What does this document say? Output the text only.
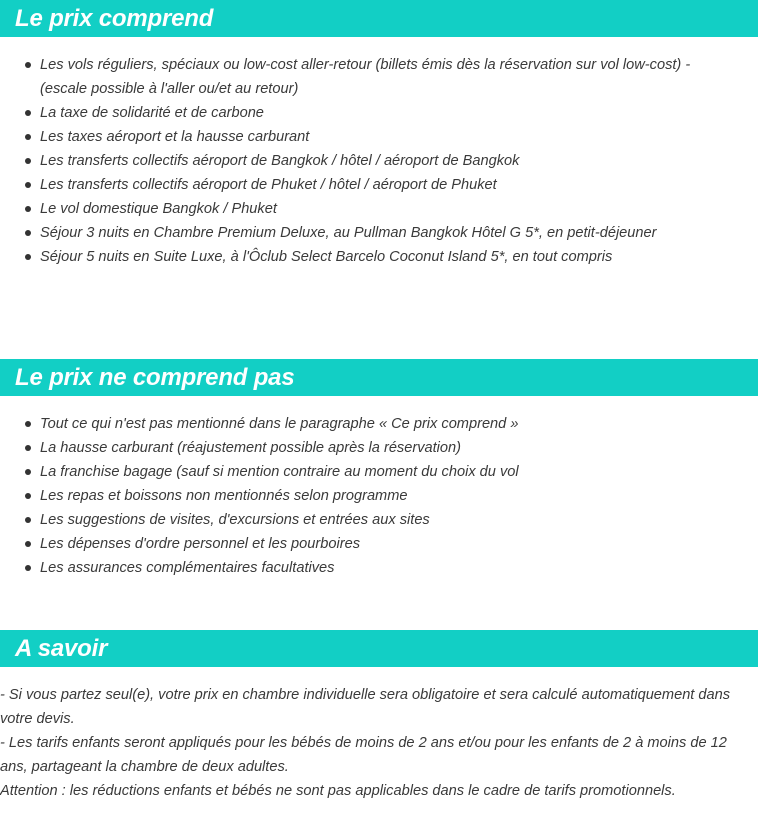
Le prix comprend
Les vols réguliers, spéciaux ou low-cost aller-retour (billets émis dès la réservation sur vol low-cost) - (escale possible à l'aller ou/et au retour)
La taxe de solidarité et de carbone
Les taxes aéroport et la hausse carburant
Les transferts collectifs aéroport de Bangkok / hôtel / aéroport de Bangkok
Les transferts collectifs aéroport de Phuket / hôtel / aéroport de Phuket
Le vol domestique Bangkok / Phuket
Séjour 3 nuits en Chambre Premium Deluxe, au Pullman Bangkok Hôtel G 5*, en petit-déjeuner
Séjour 5 nuits en Suite Luxe, à l'Ôclub Select Barcelo Coconut Island 5*, en tout compris
Le prix ne comprend pas
Tout ce qui n'est pas mentionné dans le paragraphe « Ce prix comprend »
La hausse carburant (réajustement possible après la réservation)
La franchise bagage (sauf si mention contraire au moment du choix du vol
Les repas et boissons non mentionnés selon programme
Les suggestions de visites, d'excursions et entrées aux sites
Les dépenses d'ordre personnel et les pourboires
Les assurances complémentaires facultatives
A savoir

- Si vous partez seul(e), votre prix en chambre individuelle sera obligatoire et sera calculé automatiquement dans votre devis.

- Les tarifs enfants seront appliqués pour les bébés de moins de 2 ans et/ou pour les enfants de 2 à moins de 12 ans, partageant la chambre de deux adultes.

Attention : les réductions enfants et bébés ne sont pas applicables dans le cadre de tarifs promotionnels.
